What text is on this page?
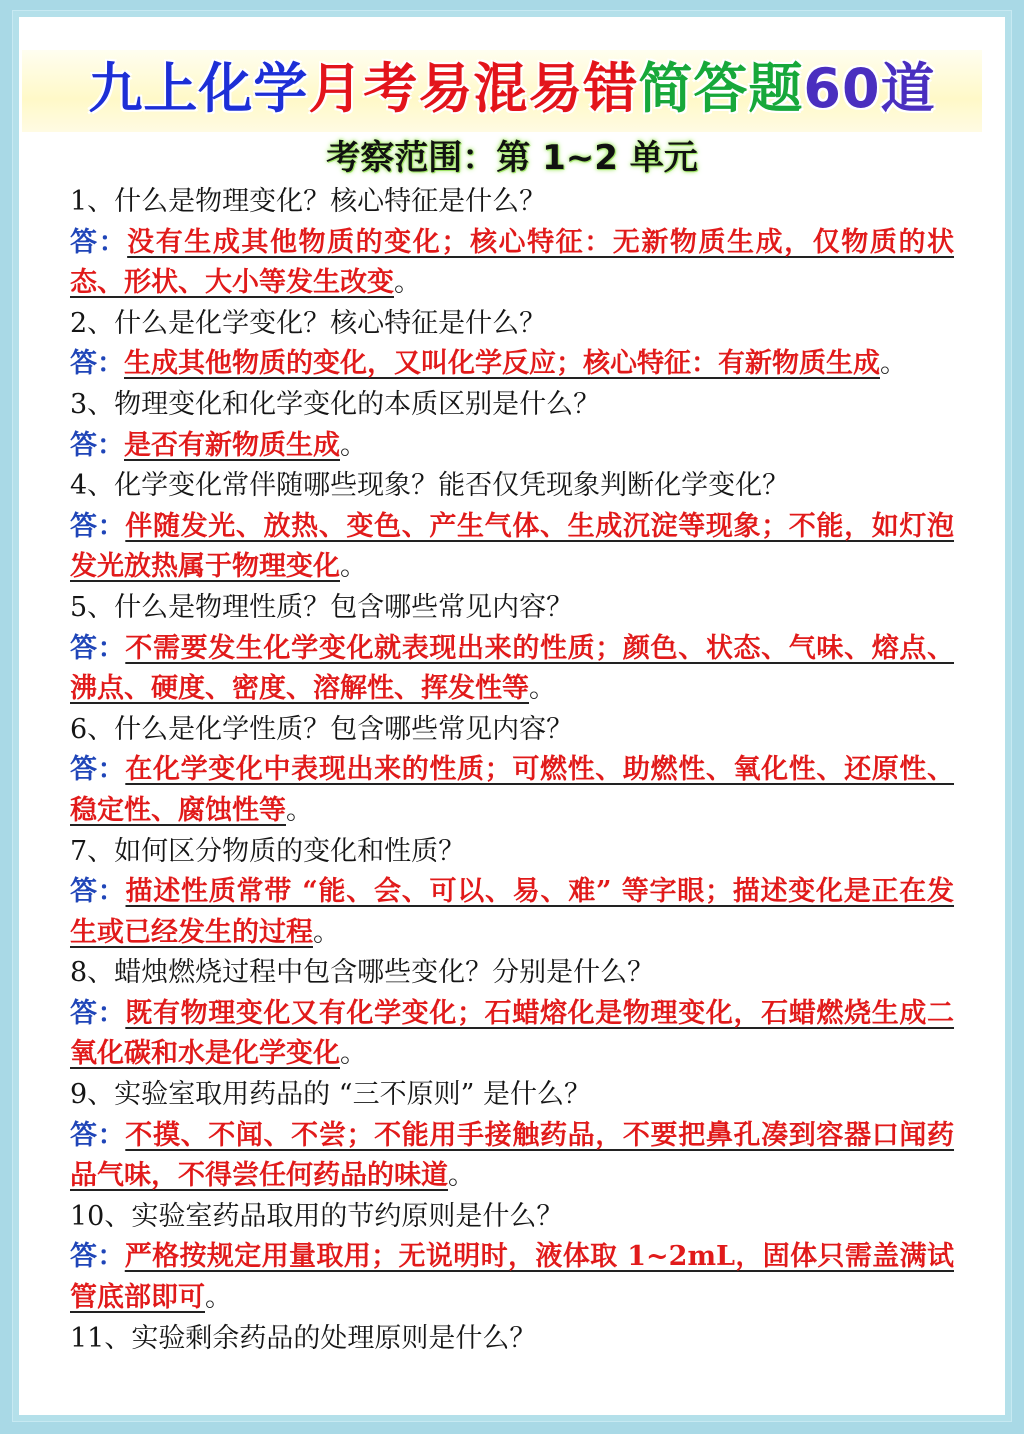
九上化学月考易混易错简答题60道
考察范围：第 1~2 单元
1、什么是物理变化？核心特征是什么？
答：没有生成其他物质的变化；核心特征：无新物质生成，仅物质的状态、形状、大小等发生改变。
2、什么是化学变化？核心特征是什么？
答：生成其他物质的变化，又叫化学反应；核心特征：有新物质生成。
3、物理变化和化学变化的本质区别是什么？
答：是否有新物质生成。
4、化学变化常伴随哪些现象？能否仅凭现象判断化学变化？
答：伴随发光、放热、变色、产生气体、生成沉淀等现象；不能，如灯泡发光放热属于物理变化。
5、什么是物理性质？包含哪些常见内容？
答：不需要发生化学变化就表现出来的性质；颜色、状态、气味、熔点、沸点、硬度、密度、溶解性、挥发性等。
6、什么是化学性质？包含哪些常见内容？
答：在化学变化中表现出来的性质；可燃性、助燃性、氧化性、还原性、稳定性、腐蚀性等。
7、如何区分物质的变化和性质？
答：描述性质常带 “能、会、可以、易、难” 等字眼；描述变化是正在发生或已经发生的过程。
8、蜡烛燃烧过程中包含哪些变化？分别是什么？
答：既有物理变化又有化学变化；石蜡熔化是物理变化，石蜡燃烧生成二氧化碳和水是化学变化。
9、实验室取用药品的 “三不原则” 是什么？
答：不摸、不闻、不尝；不能用手接触药品，不要把鼻孔凑到容器口闻药品气味，不得尝任何药品的味道。
10、实验室药品取用的节约原则是什么？
答：严格按规定用量取用；无说明时，液体取 1~2mL，固体只需盖满试管底部即可。
11、实验剩余药品的处理原则是什么？
